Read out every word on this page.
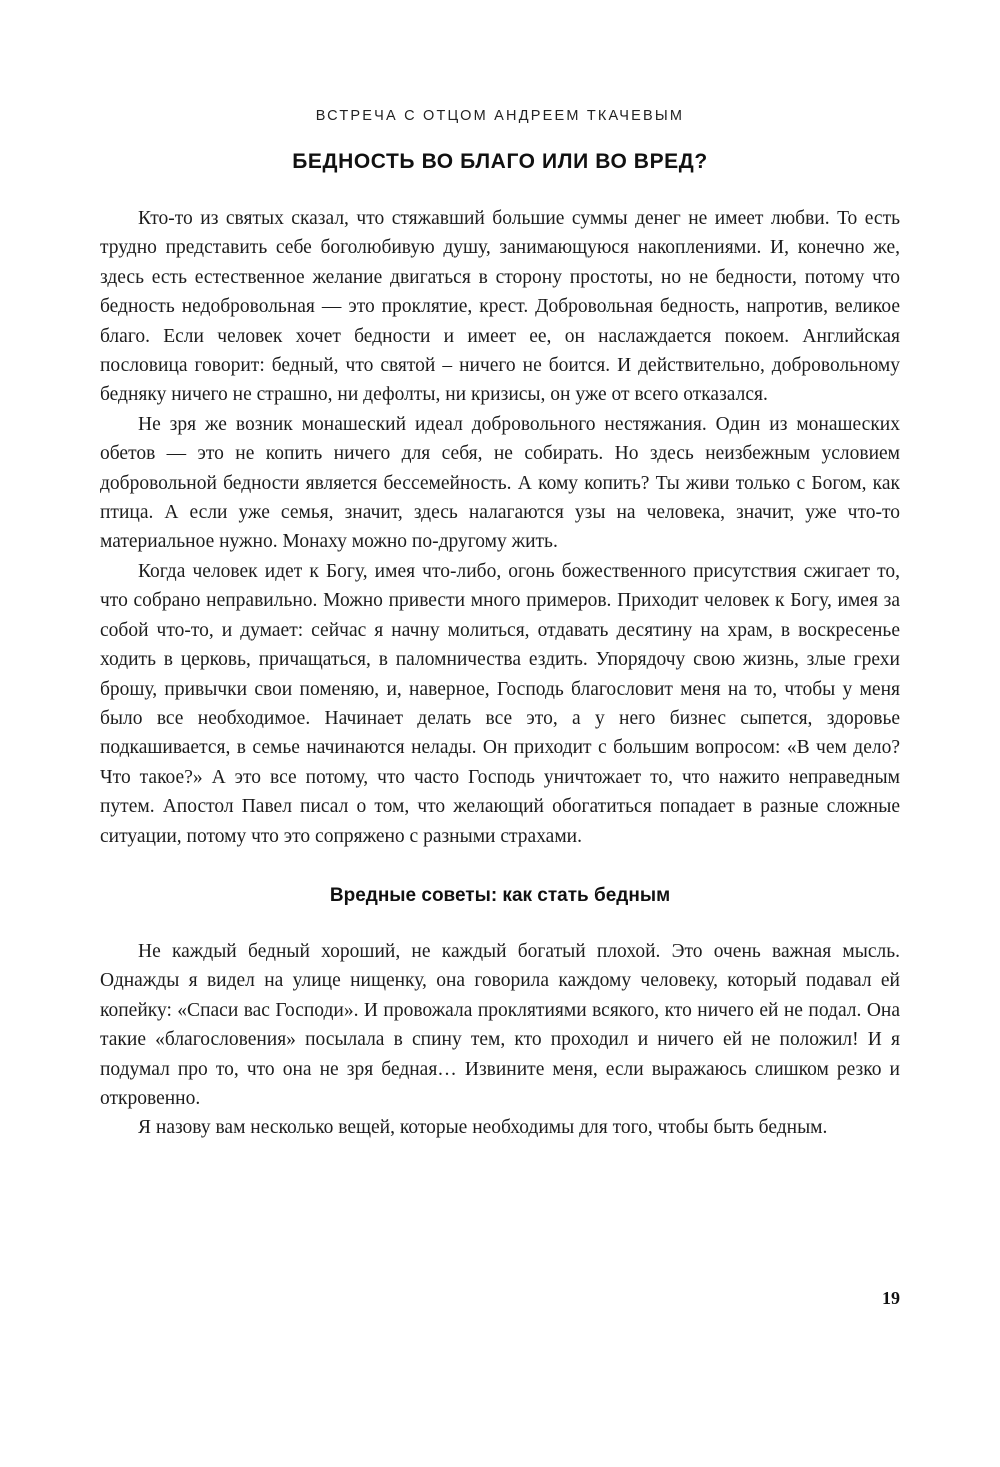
ВСТРЕЧА С ОТЦОМ АНДРЕЕМ ТКАЧЕВЫМ
БЕДНОСТЬ ВО БЛАГО ИЛИ ВО ВРЕД?

Кто-то из святых сказал, что стяжавший большие суммы денег не имеет любви. То есть трудно представить себе боголюбивую душу, занимающуюся накоплениями. И, конечно же, здесь есть естественное желание двигаться в сторону простоты, но не бедности, потому что бедность недобровольная — это проклятие, крест. Добровольная бедность, напротив, великое благо. Если человек хочет бедности и имеет ее, он наслаждается покоем. Английская пословица говорит: бедный, что святой – ничего не боится. И действительно, добровольному бедняку ничего не страшно, ни дефолты, ни кризисы, он уже от всего отказался.

Не зря же возник монашеский идеал добровольного нестяжания. Один из монашеских обетов — это не копить ничего для себя, не собирать. Но здесь неизбежным условием добровольной бедности является бессемейность. А кому копить? Ты живи только с Богом, как птица. А если уже семья, значит, здесь налагаются узы на человека, значит, уже что-то материальное нужно. Монаху можно по-другому жить.

Когда человек идет к Богу, имея что-либо, огонь божественного присутствия сжигает то, что собрано неправильно. Можно привести много примеров. Приходит человек к Богу, имея за собой что-то, и думает: сейчас я начну молиться, отдавать десятину на храм, в воскресенье ходить в церковь, причащаться, в паломничества ездить. Упорядочу свою жизнь, злые грехи брошу, привычки свои поменяю, и, наверное, Господь благословит меня на то, чтобы у меня было все необходимое. Начинает делать все это, а у него бизнес сыпется, здоровье подкашивается, в семье начинаются нелады. Он приходит с большим вопросом: «В чем дело? Что такое?» А это все потому, что часто Господь уничтожает то, что нажито неправедным путем. Апостол Павел писал о том, что желающий обогатиться попадает в разные сложные ситуации, потому что это сопряжено с разными страхами.

Вредные советы: как стать бедным

Не каждый бедный хороший, не каждый богатый плохой. Это очень важная мысль. Однажды я видел на улице нищенку, она говорила каждому человеку, который подавал ей копейку: «Спаси вас Господи». И провожала проклятиями всякого, кто ничего ей не подал. Она такие «благословения» посылала в спину тем, кто проходил и ничего ей не положил! И я подумал про то, что она не зря бедная… Извините меня, если выражаюсь слишком резко и откровенно.

Я назову вам несколько вещей, которые необходимы для того, чтобы быть бедным.

19
